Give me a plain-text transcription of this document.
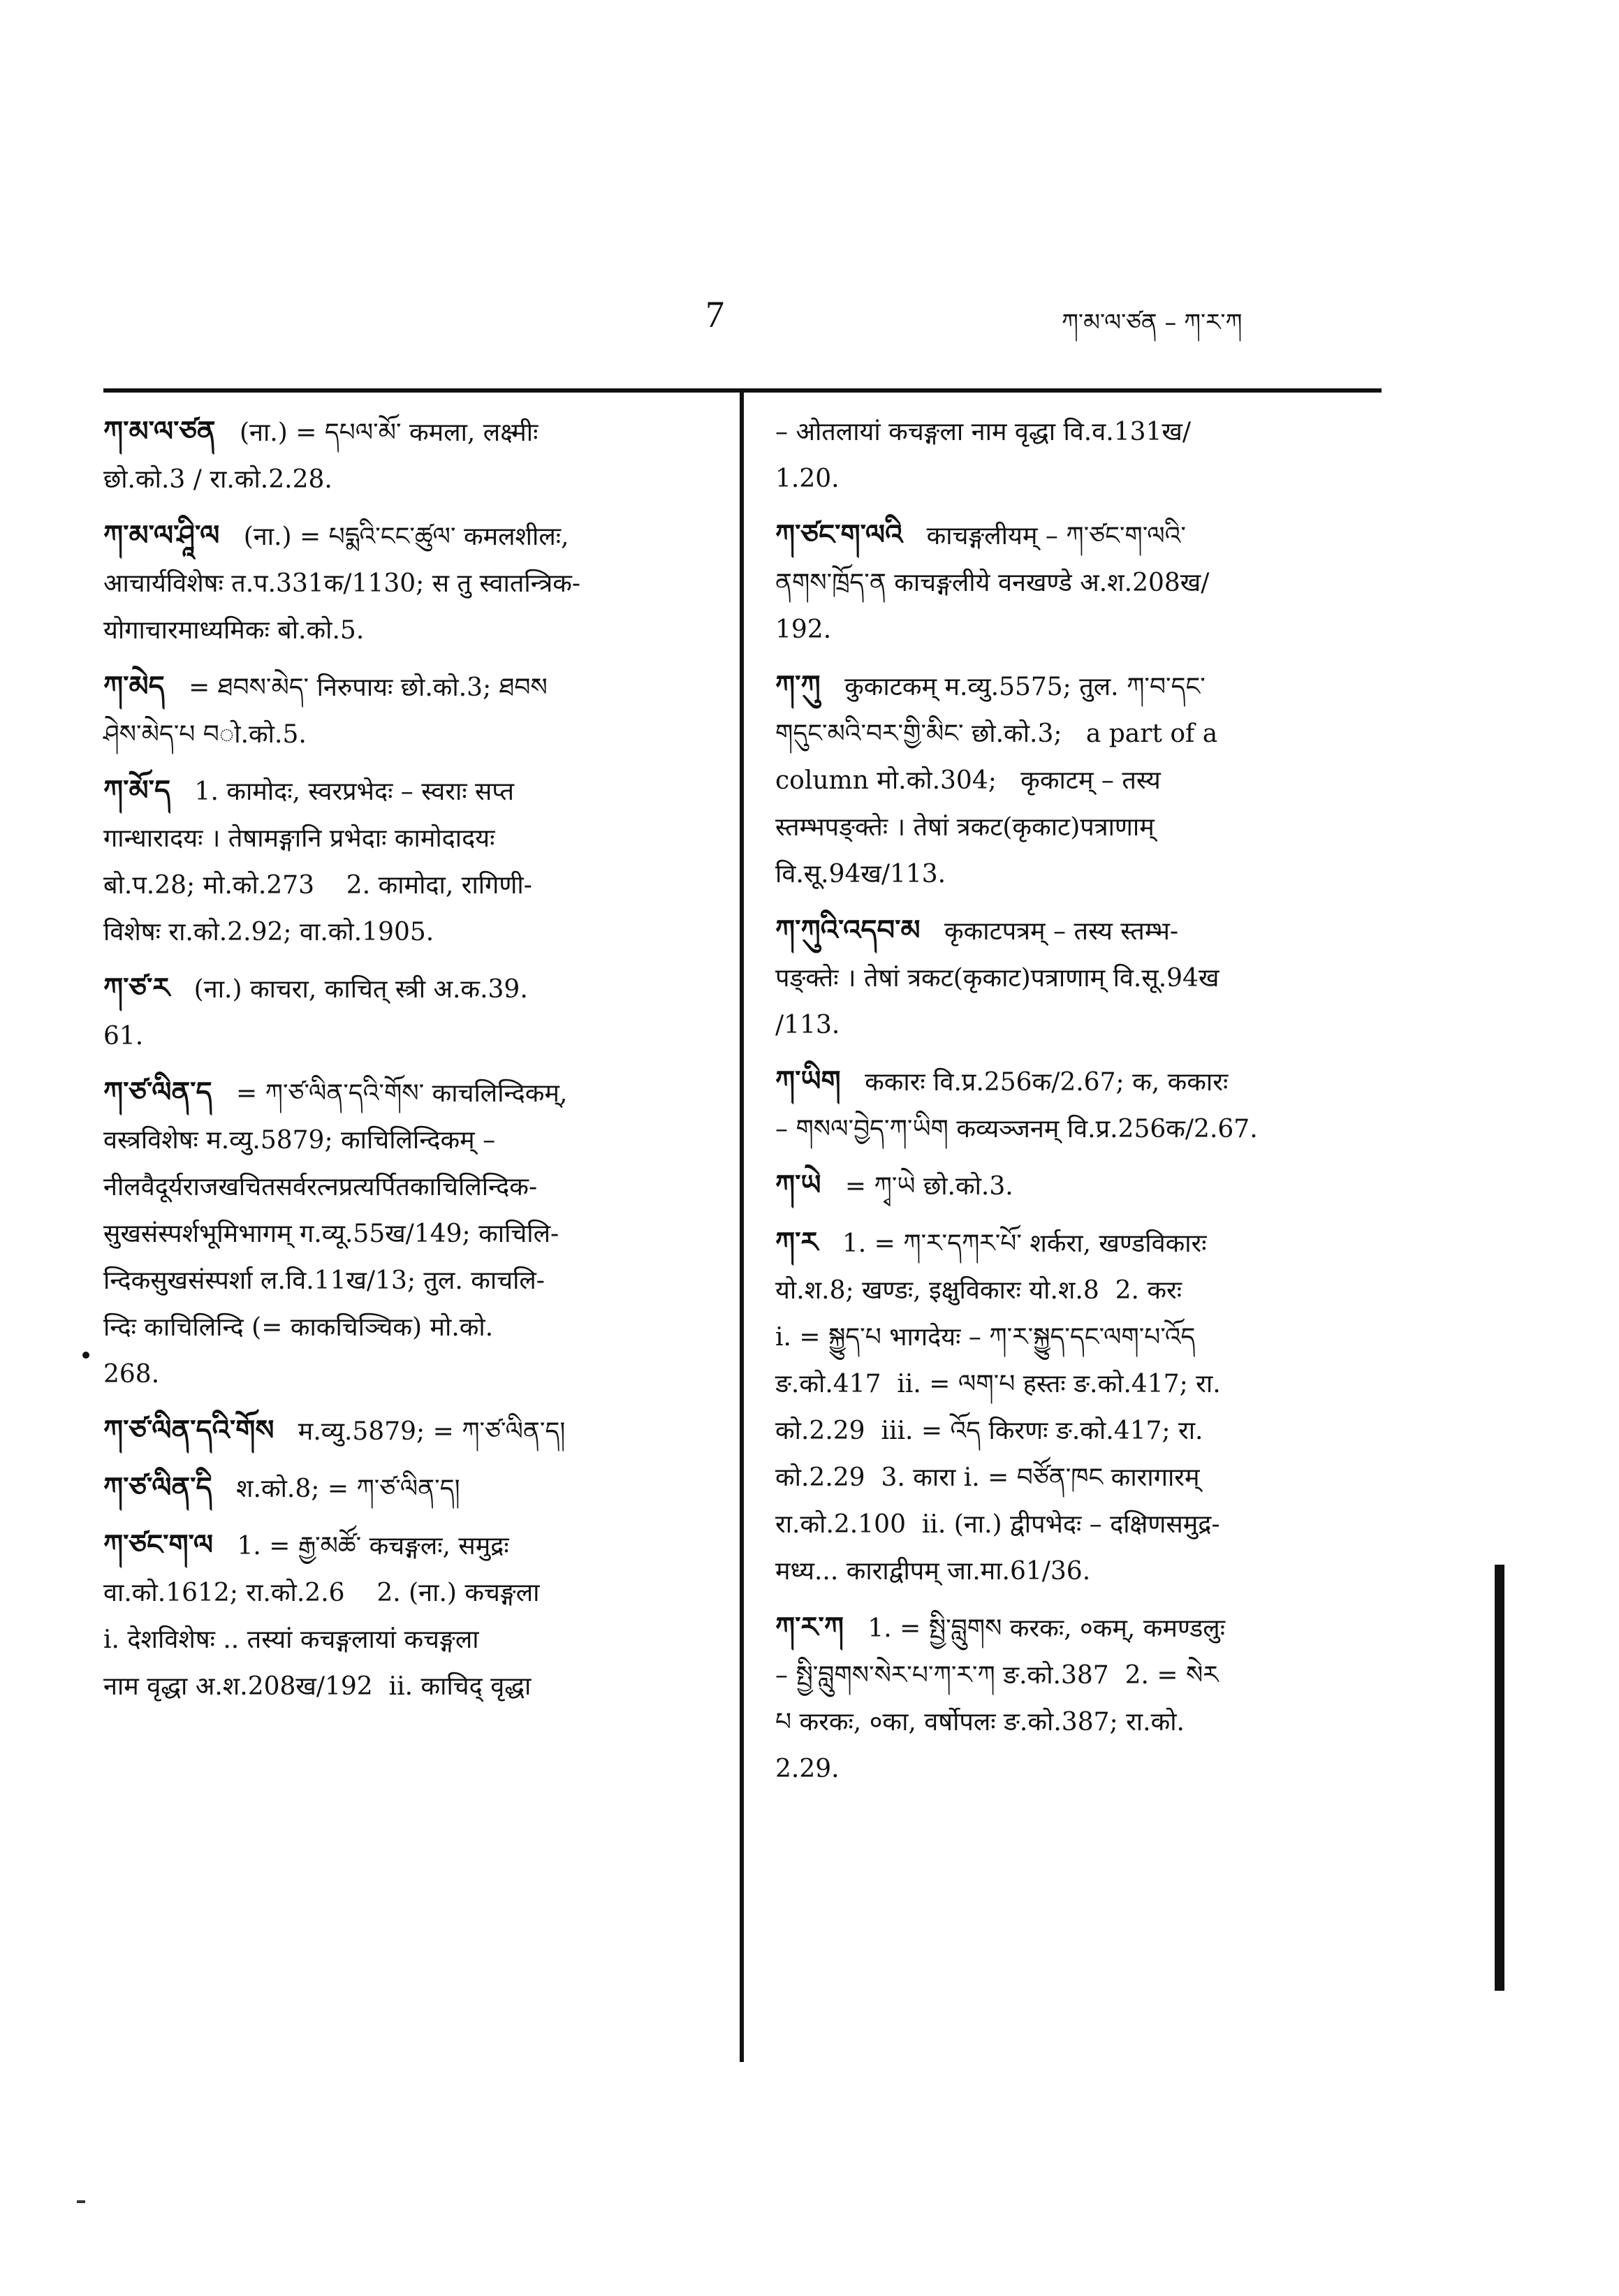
7	ཀ་མ་ལ་ཙན – ཀ་ར་ཀ
ཀ་མ་ལ་ཙན (ना.) = དཔལ་མོ་ कमला, लक्ष्मीः
छो.को.3 / रा.को.2.28.
ཀ་མ་ལ་ཤཱི་ལ (ना.) = པདྨའི་ངང་ཚུལ་ कमलशीलः,
आचार्यविशेषः त.प.331क/1130; स तु स्वातन्त्रिक-
योगाचारमाध्यमिकः बो.को.5.
ཀ་མེད = ཐབས་མེད་ निरुपायः छो.को.3; ཐབས
ཤེས་མེད་པ བो.को.5.
ཀ་མོ་ད 1. कामोदः, स्वरप्रभेदः – स्वराः सप्त
गान्धारादयः । तेषामङ्गानि प्रभेदाः कामोदादयः
बो.प.28; मो.को.273    2. कामोदा, रागिणी-
विशेषः रा.को.2.92; वा.को.1905.
ཀ་ཙ་ར (ना.) काचरा, काचित् स्त्री अ.क.39.
61.
ཀ་ཙ་ལིན་ད = ཀ་ཙ་ལིན་དའི་གོས་ काचलिन्दिकम्,
वस्त्रविशेषः म.व्यु.5879; काचिलिन्दिकम् –
नीलवैदूर्यराजखचितसर्वरत्नप्रत्यर्पितकाचिलिन्दिक-
सुखसंस्पर्शभूमिभागम् ग.व्यू.55ख/149; काचिलि-
न्दिकसुखसंस्पर्शा ल.वि.11ख/13; तुल. काचलि-
न्दिः काचिलिन्दि (= काकचिञ्चिक) मो.को.
268.
ཀ་ཙ་ལིན་དའི་གོས म.व्यु.5879; = ཀ་ཙ་ལིན་ད།
ཀ་ཙ་ལིན་དི श.को.8; = ཀ་ཙ་ལིན་ད།
ཀ་ཙང་ག་ལ 1. = རྒྱ་མཚོ་ कचङ्गलः, समुद्रः
वा.को.1612; रा.को.2.6    2. (ना.) कचङ्गला
i. देशविशेषः .. तस्यां कचङ्गलायां कचङ्गला
नाम वृद्धा अ.श.208ख/192  ii. काचिद् वृद्धा
– ओतलायां कचङ्गला नाम वृद्धा वि.व.131ख/
1.20.
ཀ་ཙང་ག་ལའི काचङ्गलीयम् – ཀ་ཙང་ག་ལའི་
ནགས་ཁྲོད་ན काचङ्गलीये वनखण्डे अ.श.208ख/
192.
ཀ་ཀུ कुकाटकम् म.व्यु.5575; तुल. ཀ་བ་དང་
གདུང་མའི་བར་གྱི་མིང་ छो.को.3;   a part of a
column मो.को.304;   कृकाटम् – तस्य
स्तम्भपङ्क्तेः । तेषां त्रकट(कृकाट)पत्राणाम्
वि.सू.94ख/113.
ཀ་ཀུའི་འདབ་མ कृकाटपत्रम् – तस्य स्तम्भ-
पङ्क्तेः । तेषां त्रकट(कृकाट)पत्राणाम् वि.सू.94ख
/113.
ཀ་ཡིག ककारः वि.प्र.256क/2.67; क, ककारः
– གསལ་བྱེད་ཀ་ཡིག कव्यञ्जनम् वि.प्र.256क/2.67.
ཀ་ཡེ = ཀྭ་ཡེ छो.को.3.
ཀ་ར 1. = ཀ་ར་དཀར་པོ་ शर्करा, खण्डविकारः
यो.श.8; खण्डः, इक्षुविकारः यो.श.8  2. करः
i. = སྐྱུད་པ भागदेयः – ཀ་ར་སྐྱུད་དང་ལག་པ་འོད
ङ.को.417  ii. = ལག་པ हस्तः ङ.को.417; रा.
को.2.29  iii. = འོད किरणः ङ.को.417; रा.
को.2.29  3. कारा i. = བཙོན་ཁང कारागारम्
रा.को.2.100  ii. (ना.) द्वीपभेदः – दक्षिणसमुद्र-
मध्य... काराद्वीपम् जा.मा.61/36.
ཀ་ར་ཀ 1. = སྤྱི་བླུགས करकः, ०कम्, कमण्डलुः
– སྤྱི་བླུགས་སེར་པ་ཀ་ར་ཀ ङ.को.387  2. = སེར
པ करकः, ०का, वर्षोपलः ङ.को.387; रा.को.
2.29.
